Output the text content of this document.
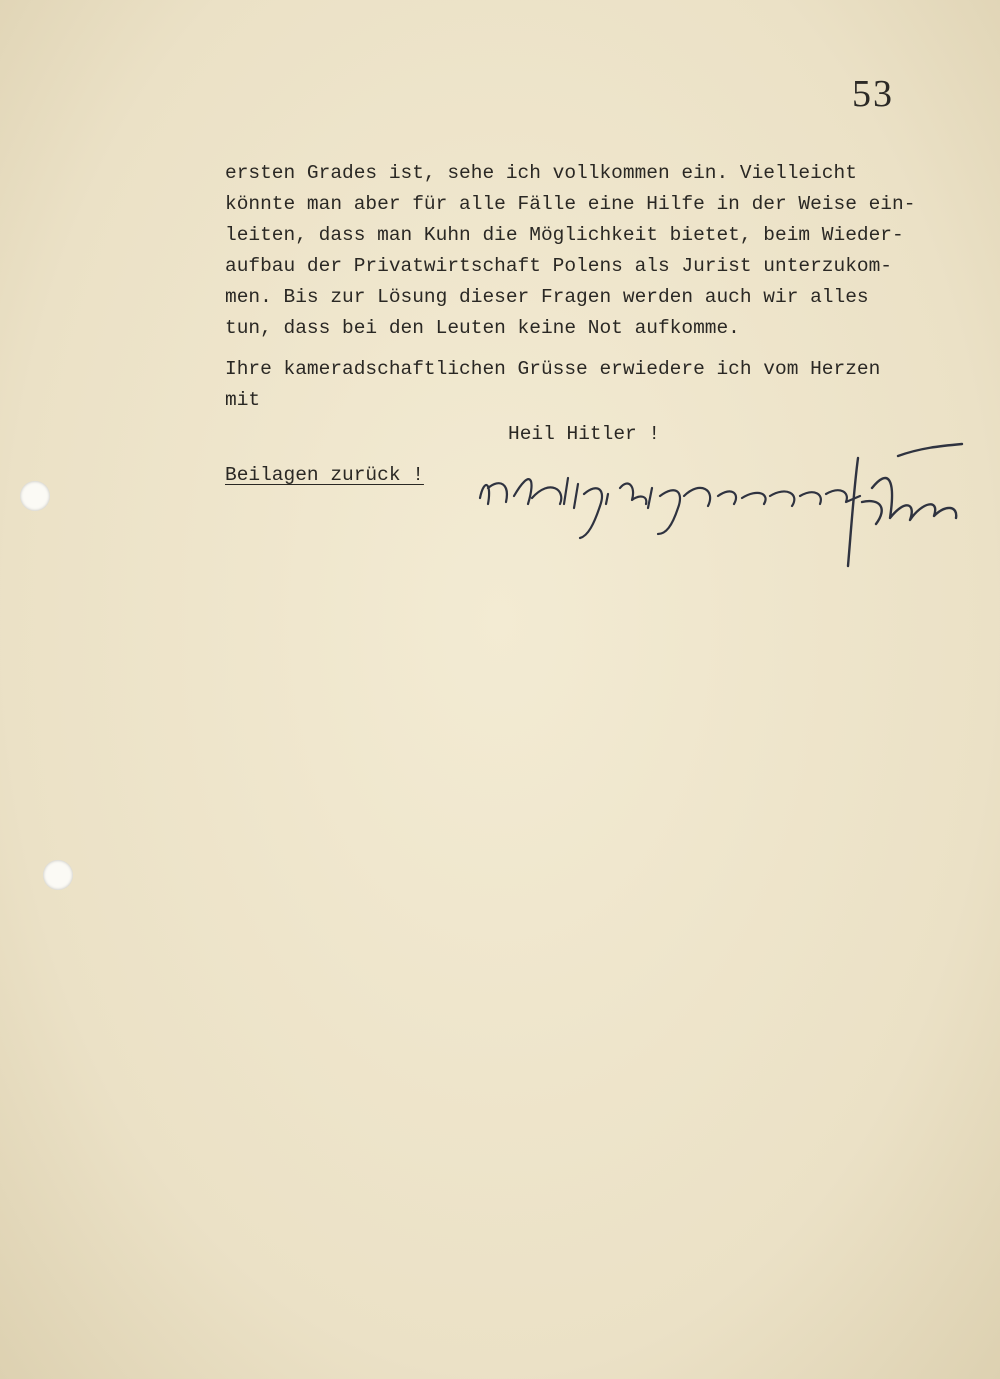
53
ersten Grades ist, sehe ich vollkommen ein. Vielleicht
könnte man aber für alle Fälle eine Hilfe in der Weise ein-
leiten, dass man Kuhn die Möglichkeit bietet, beim Wieder-
aufbau der Privatwirtschaft Polens als Jurist unterzukom-
men. Bis zur Lösung dieser Fragen werden auch wir alles
tun, dass bei den Leuten keine Not aufkomme.
Ihre kameradschaftlichen Grüsse erwiedere ich vom Herzen
mit
Heil Hitler !
Beilagen zurück !
